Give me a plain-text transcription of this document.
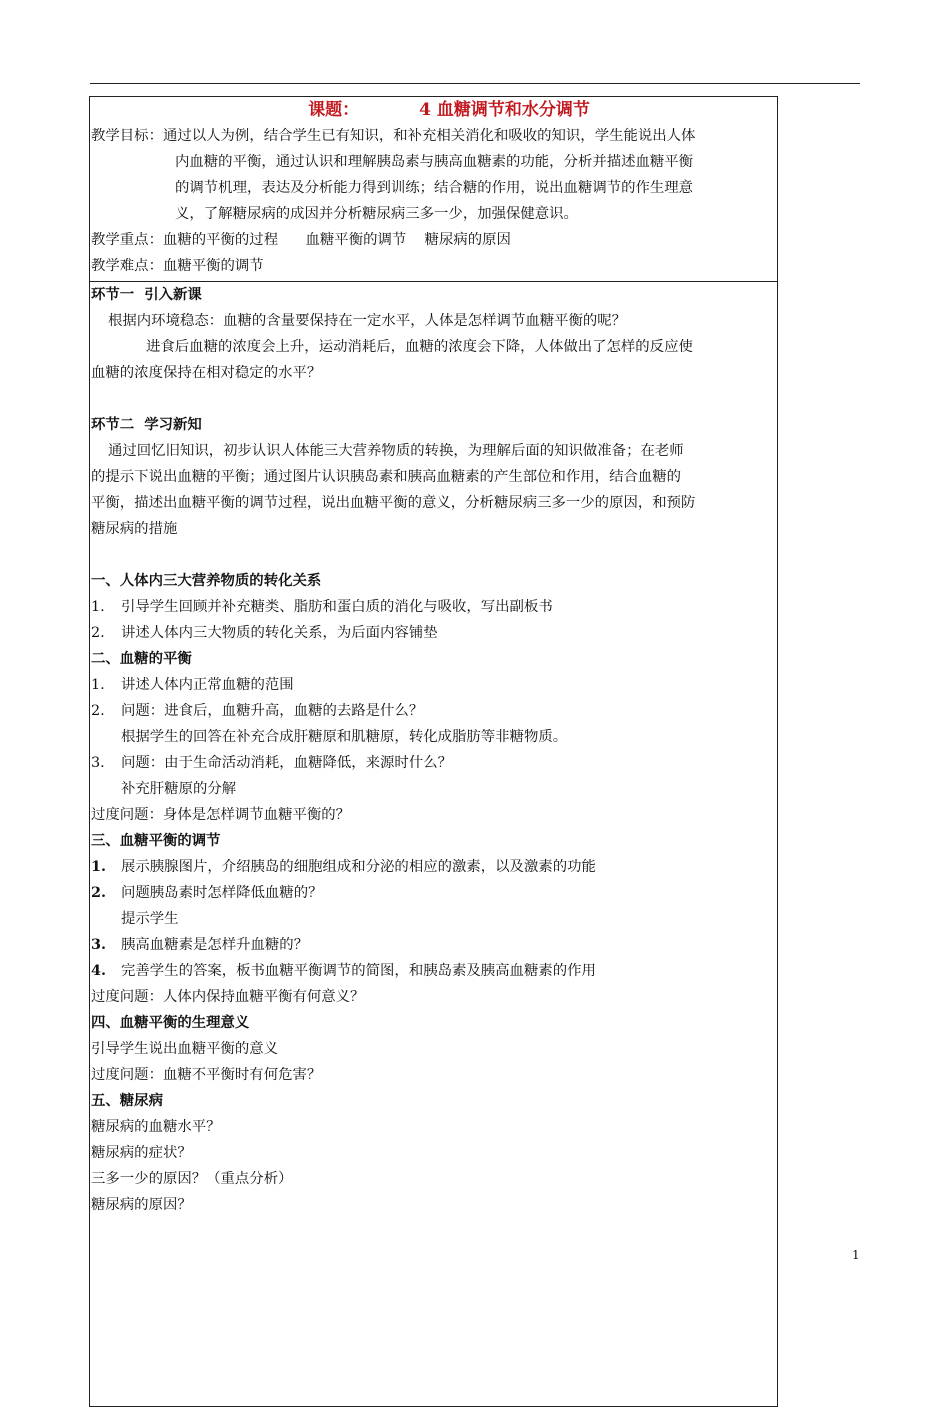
课题：	4 血糖调节和水分调节
教学目标：通过以人为例，结合学生已有知识，和补充相关消化和吸收的知识，学生能说出人体
内血糖的平衡，通过认识和理解胰岛素与胰高血糖素的功能，分析并描述血糖平衡
的调节机理，表达及分析能力得到训练；结合糖的作用，说出血糖调节的作生理意
义，了解糖尿病的成因并分析糖尿病三多一少，加强保健意识。
教学重点：血糖的平衡的过程      血糖平衡的调节    糖尿病的原因
教学难点：血糖平衡的调节
环节一  引入新课
根据内环境稳态：血糖的含量要保持在一定水平，人体是怎样调节血糖平衡的呢？
进食后血糖的浓度会上升，运动消耗后，血糖的浓度会下降，人体做出了怎样的反应使
血糖的浓度保持在相对稳定的水平？
环节二  学习新知
通过回忆旧知识，初步认识人体能三大营养物质的转换，为理解后面的知识做准备；在老师
的提示下说出血糖的平衡；通过图片认识胰岛素和胰高血糖素的产生部位和作用，结合血糖的
平衡，描述出血糖平衡的调节过程，说出血糖平衡的意义，分析糖尿病三多一少的原因，和预防
糖尿病的措施
一、人体内三大营养物质的转化关系
1. 引导学生回顾并补充糖类、脂肪和蛋白质的消化与吸收，写出副板书
2. 讲述人体内三大物质的转化关系，为后面内容铺垫
二、血糖的平衡
1. 讲述人体内正常血糖的范围
2. 问题：进食后，血糖升高，血糖的去路是什么？
根据学生的回答在补充合成肝糖原和肌糖原，转化成脂肪等非糖物质。
3. 问题：由于生命活动消耗，血糖降低，来源时什么？
补充肝糖原的分解
过度问题：身体是怎样调节血糖平衡的？
三、血糖平衡的调节
1. 展示胰腺图片，介绍胰岛的细胞组成和分泌的相应的激素，以及激素的功能
2. 问题胰岛素时怎样降低血糖的？
提示学生
3. 胰高血糖素是怎样升血糖的？
4. 完善学生的答案，板书血糖平衡调节的简图，和胰岛素及胰高血糖素的作用
过度问题：人体内保持血糖平衡有何意义？
四、血糖平衡的生理意义
引导学生说出血糖平衡的意义
过度问题：血糖不平衡时有何危害？
五、糖尿病
糖尿病的血糖水平？
糖尿病的症状？
三多一少的原因？（重点分析）
糖尿病的原因？
1
